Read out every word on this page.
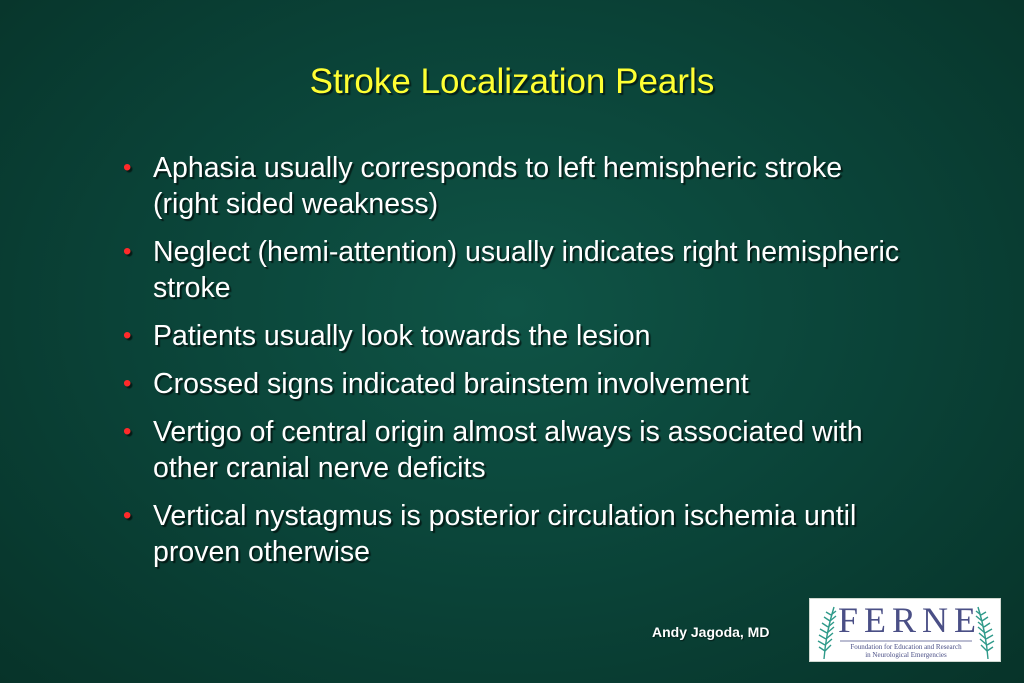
Stroke Localization Pearls
• Aphasia usually corresponds to left hemispheric stroke (right sided weakness)
• Neglect (hemi-attention) usually indicates right hemispheric stroke
• Patients usually look towards the lesion
• Crossed signs indicated brainstem involvement
• Vertigo of central origin almost always is associated with other cranial nerve deficits
• Vertical nystagmus is posterior circulation ischemia until proven otherwise
Andy Jagoda, MD FERNE
Foundation for Education and Research
in Neurological Emergencies
